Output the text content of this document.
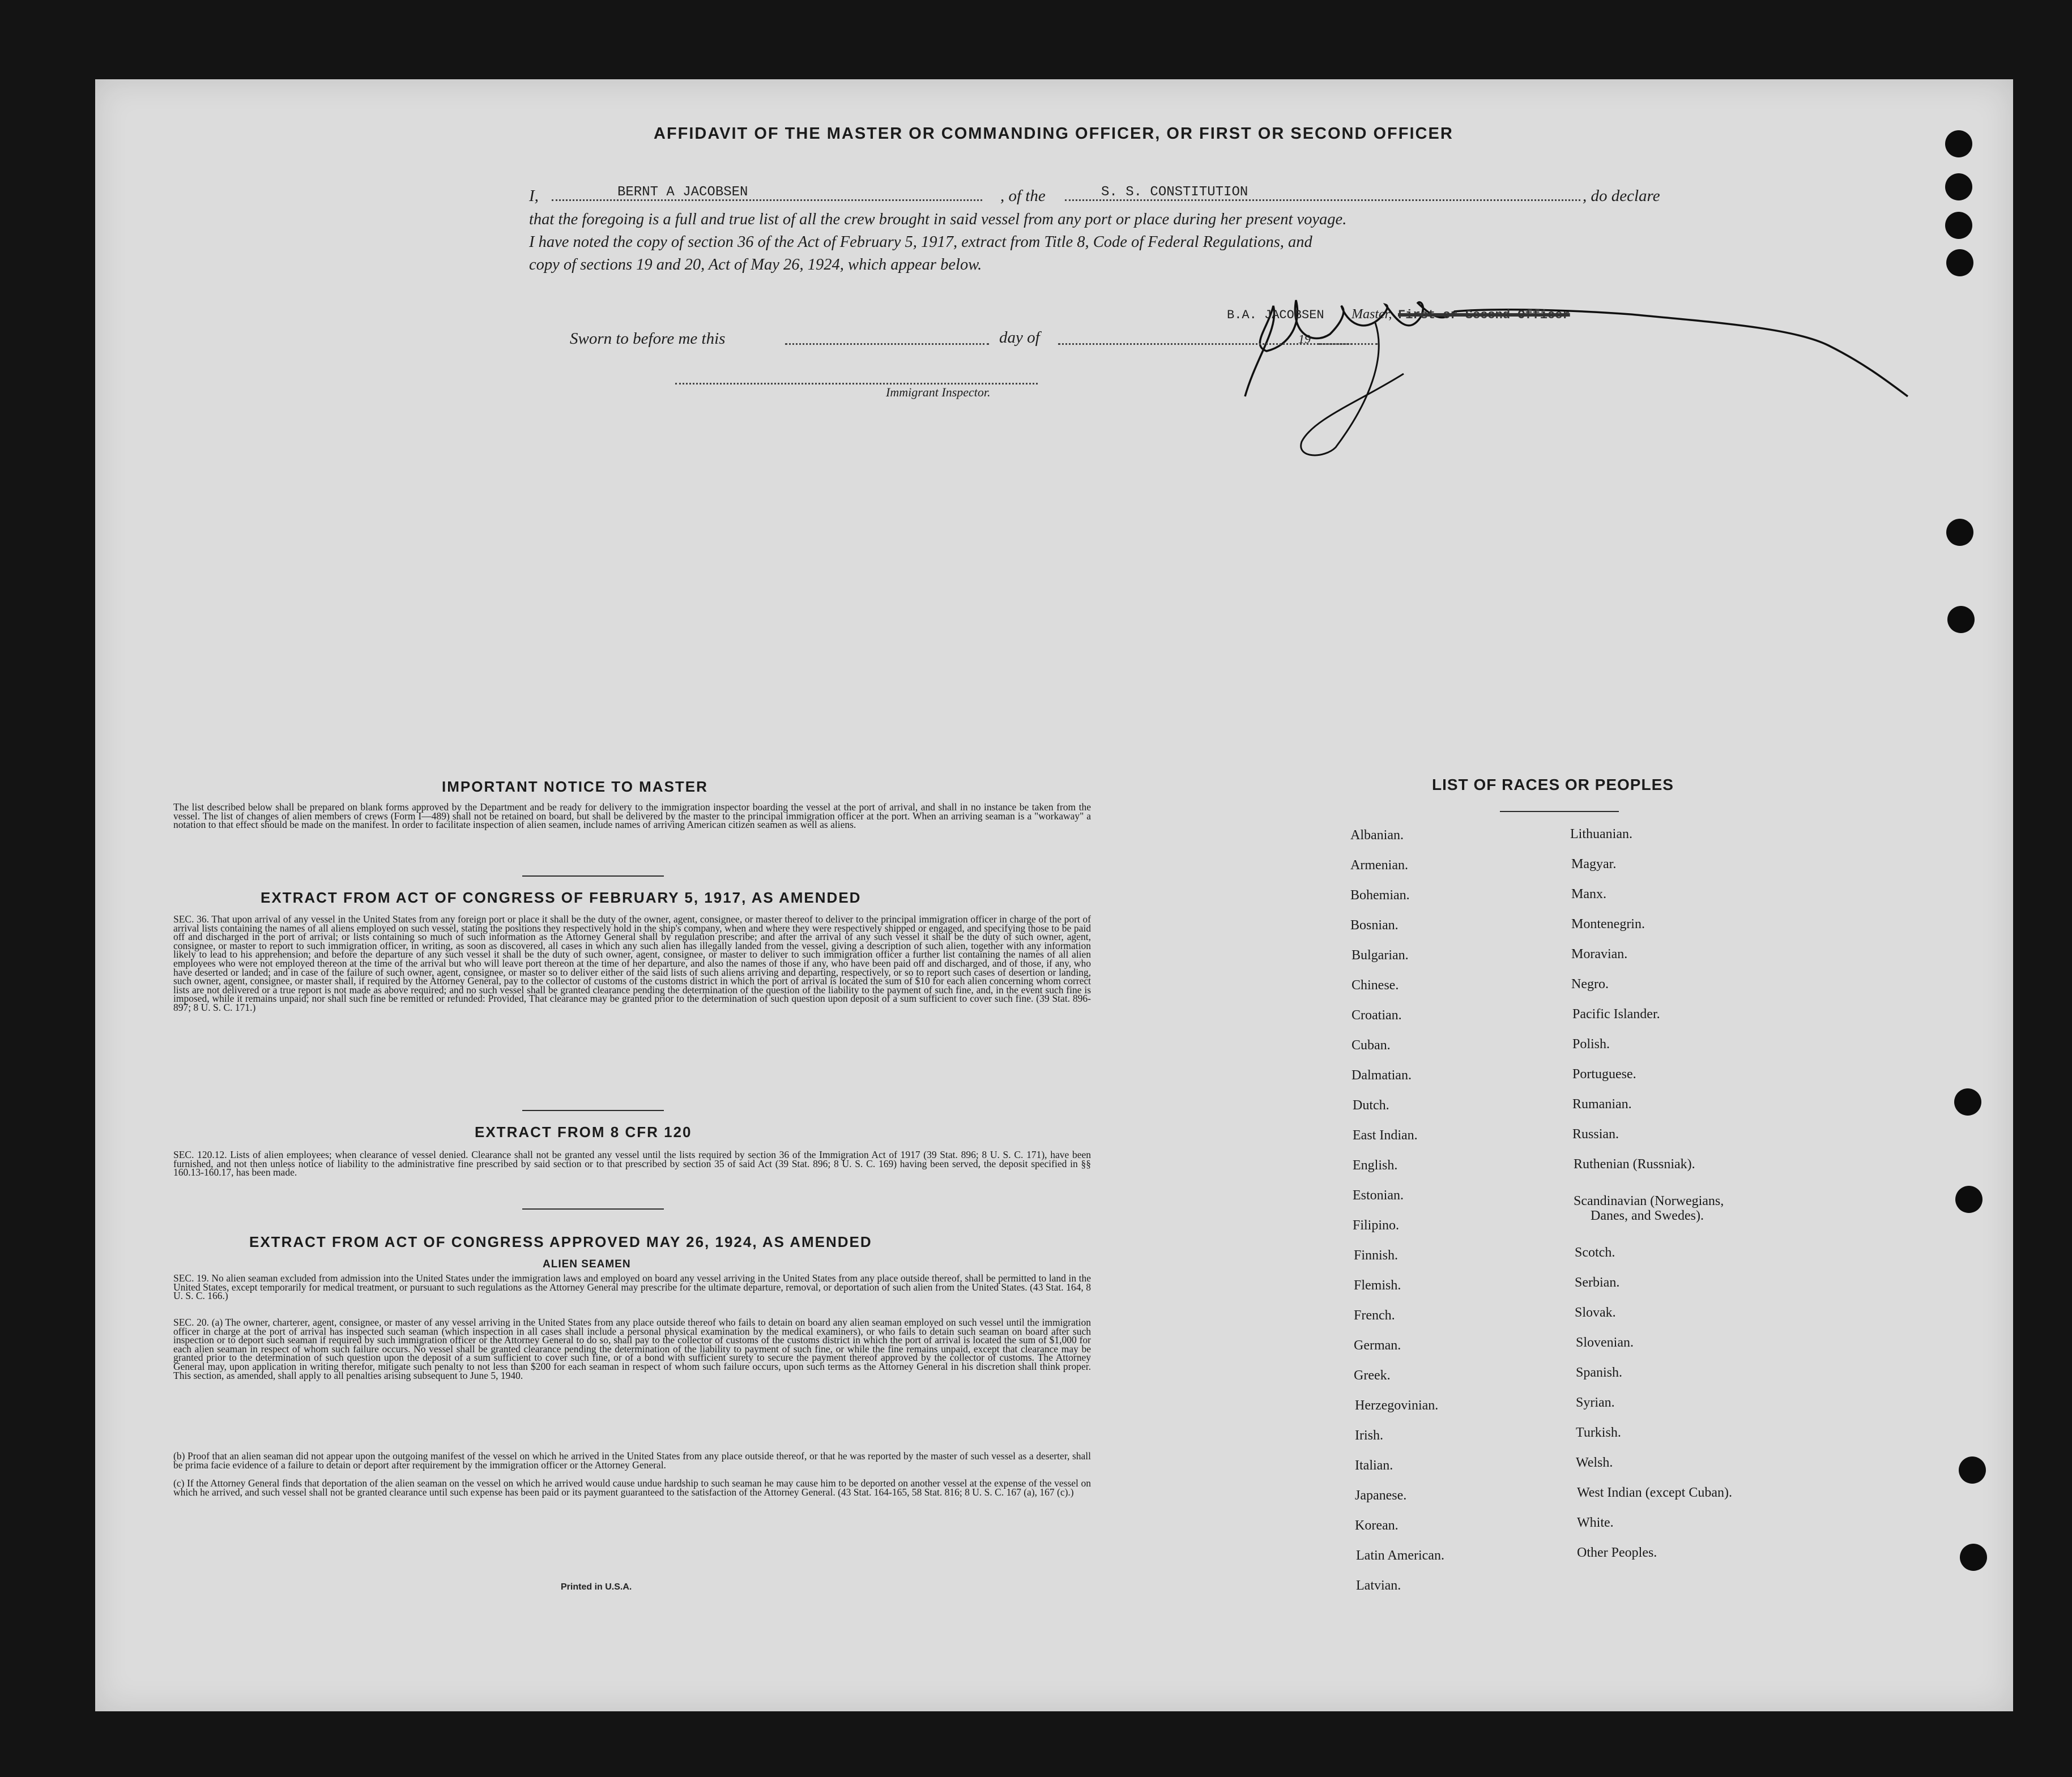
AFFIDAVIT OF THE MASTER OR COMMANDING OFFICER, OR FIRST OR SECOND OFFICER
I,	BERNT A JACOBSEN	, of the	S. S. CONSTITUTION	, do declare
that the foregoing is a full and true list of all the crew brought in said vessel from any port or place during her present voyage.
I have noted the copy of section 36 of the Act of February 5, 1917, extract from Title 8, Code of Federal Regulations, and
copy of sections 19 and 20, Act of May 26, 1924, which appear below.
B.A. JACOBSEN Master, First or Second Officer
Sworn to before me this	day of	19
Immigrant Inspector.
IMPORTANT NOTICE TO MASTER
The list described below shall be prepared on blank forms approved by the Department and be ready for delivery to the immigration inspector boarding the vessel at the port of arrival, and shall in no instance be taken from the vessel. The list of changes of alien members of crews (Form I—489) shall not be retained on board, but shall be delivered by the master to the principal immigration officer at the port. When an arriving seaman is a "workaway" a notation to that effect should be made on the manifest. In order to facilitate inspection of alien seamen, include names of arriving American citizen seamen as well as aliens.
EXTRACT FROM ACT OF CONGRESS OF FEBRUARY 5, 1917, AS AMENDED
SEC. 36. That upon arrival of any vessel in the United States from any foreign port or place it shall be the duty of the owner, agent, consignee, or master thereof to deliver to the principal immigration officer in charge of the port of arrival lists containing the names of all aliens employed on such vessel, stating the positions they respectively hold in the ship's company, when and where they were respectively shipped or engaged, and specifying those to be paid off and discharged in the port of arrival; or lists containing so much of such information as the Attorney General shall by regulation prescribe; and after the arrival of any such vessel it shall be the duty of such owner, agent, consignee, or master to report to such immigration officer, in writing, as soon as discovered, all cases in which any such alien has illegally landed from the vessel, giving a description of such alien, together with any information likely to lead to his apprehension; and before the departure of any such vessel it shall be the duty of such owner, agent, consignee, or master to deliver to such immigration officer a further list containing the names of all alien employees who were not employed thereon at the time of the arrival but who will leave port thereon at the time of her departure, and also the names of those if any, who have been paid off and discharged, and of those, if any, who have deserted or landed; and in case of the failure of such owner, agent, consignee, or master so to deliver either of the said lists of such aliens arriving and departing, respectively, or so to report such cases of desertion or landing, such owner, agent, consignee, or master shall, if required by the Attorney General, pay to the collector of customs of the customs district in which the port of arrival is located the sum of $10 for each alien concerning whom correct lists are not delivered or a true report is not made as above required; and no such vessel shall be granted clearance pending the determination of the question of the liability to the payment of such fine, and, in the event such fine is imposed, while it remains unpaid; nor shall such fine be remitted or refunded: Provided, That clearance may be granted prior to the determination of such question upon deposit of a sum sufficient to cover such fine. (39 Stat. 896-897; 8 U. S. C. 171.)
EXTRACT FROM 8 CFR 120
SEC. 120.12. Lists of alien employees; when clearance of vessel denied. Clearance shall not be granted any vessel until the lists required by section 36 of the Immigration Act of 1917 (39 Stat. 896; 8 U. S. C. 171), have been furnished, and not then unless notice of liability to the administrative fine prescribed by said section or to that prescribed by section 35 of said Act (39 Stat. 896; 8 U. S. C. 169) having been served, the deposit specified in §§ 160.13-160.17, has been made.
EXTRACT FROM ACT OF CONGRESS APPROVED MAY 26, 1924, AS AMENDED
ALIEN SEAMEN
SEC. 19. No alien seaman excluded from admission into the United States under the immigration laws and employed on board any vessel arriving in the United States from any place outside thereof, shall be permitted to land in the United States, except temporarily for medical treatment, or pursuant to such regulations as the Attorney General may prescribe for the ultimate departure, removal, or deportation of such alien from the United States. (43 Stat. 164, 8 U. S. C. 166.)
SEC. 20. (a) The owner, charterer, agent, consignee, or master of any vessel arriving in the United States from any place outside thereof who fails to detain on board any alien seaman employed on such vessel until the immigration officer in charge at the port of arrival has inspected such seaman (which inspection in all cases shall include a personal physical examination by the medical examiners), or who fails to detain such seaman on board after such inspection or to deport such seaman if required by such immigration officer or the Attorney General to do so, shall pay to the collector of customs of the customs district in which the port of arrival is located the sum of $1,000 for each alien seaman in respect of whom such failure occurs. No vessel shall be granted clearance pending the determination of the liability to payment of such fine, or while the fine remains unpaid, except that clearance may be granted prior to the determination of such question upon the deposit of a sum sufficient to cover such fine, or of a bond with sufficient surety to secure the payment thereof approved by the collector of customs. The Attorney General may, upon application in writing therefor, mitigate such penalty to not less than $200 for each seaman in respect of whom such failure occurs, upon such terms as the Attorney General in his discretion shall think proper. This section, as amended, shall apply to all penalties arising subsequent to June 5, 1940.
(b) Proof that an alien seaman did not appear upon the outgoing manifest of the vessel on which he arrived in the United States from any place outside thereof, or that he was reported by the master of such vessel as a deserter, shall be prima facie evidence of a failure to detain or deport after requirement by the immigration officer or the Attorney General.
(c) If the Attorney General finds that deportation of the alien seaman on the vessel on which he arrived would cause undue hardship to such seaman he may cause him to be deported on another vessel at the expense of the vessel on which he arrived, and such vessel shall not be granted clearance until such expense has been paid or its payment guaranteed to the satisfaction of the Attorney General. (43 Stat. 164-165, 58 Stat. 816; 8 U. S. C. 167 (a), 167 (c).)
Printed in U.S.A.
LIST OF RACES OR PEOPLES
Albanian.
Armenian.
Bohemian.
Bosnian.
Bulgarian.
Chinese.
Croatian.
Cuban.
Dalmatian.
Dutch.
East Indian.
English.
Estonian.
Filipino.
Finnish.
Flemish.
French.
German.
Greek.
Herzegovinian.
Irish.
Italian.
Japanese.
Korean.
Latin American.
Latvian.
Lithuanian.
Magyar.
Manx.
Montenegrin.
Moravian.
Negro.
Pacific Islander.
Polish.
Portuguese.
Rumanian.
Russian.
Ruthenian (Russniak).
Scandinavian (Norwegians,
Danes, and Swedes).
Scotch.
Serbian.
Slovak.
Slovenian.
Spanish.
Syrian.
Turkish.
Welsh.
West Indian (except Cuban).
White.
Other Peoples.
